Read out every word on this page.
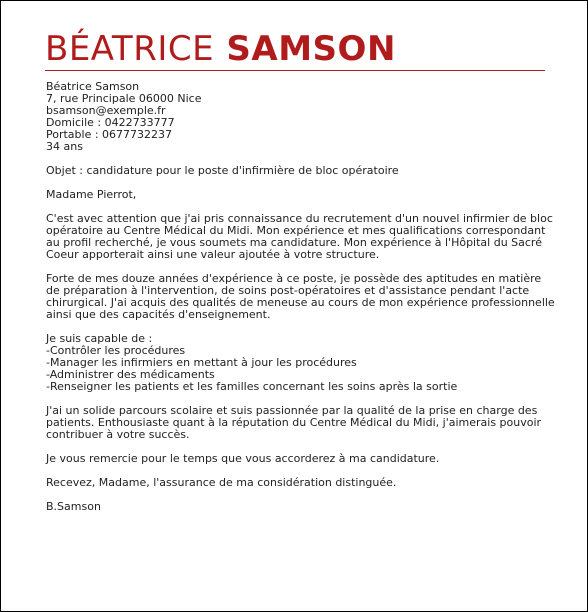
BÉATRICE SAMSON
Béatrice Samson
7, rue Principale 06000 Nice
bsamson@exemple.fr
Domicile : 0422733777
Portable : 0677732237
34 ans
Objet : candidature pour le poste d'infirmière de bloc opératoire
Madame Pierrot,
C'est avec attention que j'ai pris connaissance du recrutement d'un nouvel infirmier de bloc
opératoire au Centre Médical du Midi. Mon expérience et mes qualifications correspondant
au profil recherché, je vous soumets ma candidature. Mon expérience à l'Hôpital du Sacré
Coeur apporterait ainsi une valeur ajoutée à votre structure.
Forte de mes douze années d'expérience à ce poste, je possède des aptitudes en matière
de préparation à l'intervention, de soins post-opératoires et d'assistance pendant l'acte
chirurgical. J'ai acquis des qualités de meneuse au cours de mon expérience professionnelle
ainsi que des capacités d'enseignement.
Je suis capable de :
-Contrôler les procédures
-Manager les infirmiers en mettant à jour les procédures
-Administrer des médicaments
-Renseigner les patients et les familles concernant les soins après la sortie
J'ai un solide parcours scolaire et suis passionnée par la qualité de la prise en charge des
patients. Enthousiaste quant à la réputation du Centre Médical du Midi, j'aimerais pouvoir
contribuer à votre succès.
Je vous remercie pour le temps que vous accorderez à ma candidature.
Recevez, Madame, l'assurance de ma considération distinguée.
B.Samson
